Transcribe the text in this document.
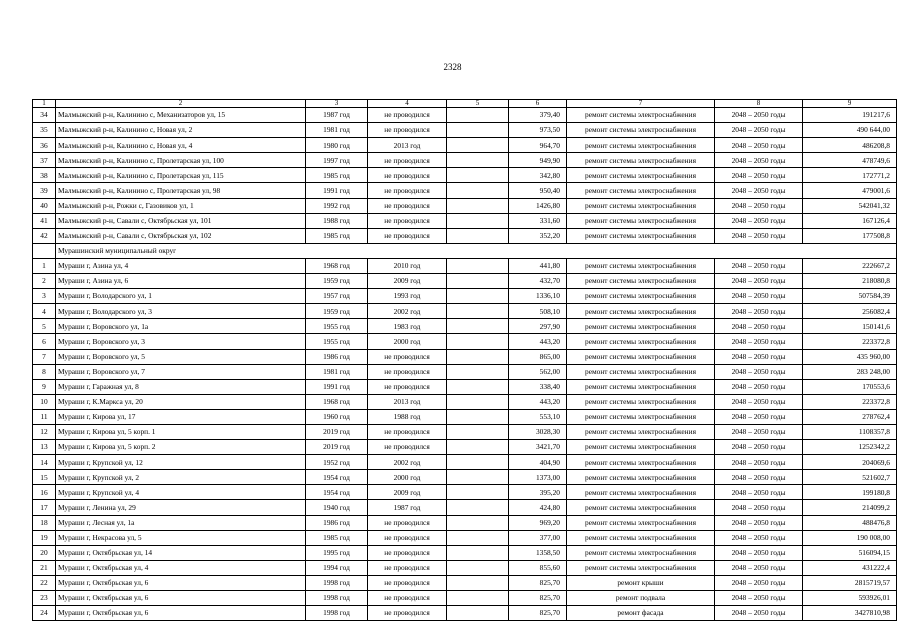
2328
1	2	3	4	5	6	7	8	9
34	Малмыжский р-н, Калинино с, Механизаторов ул, 15	1987 год	не проводился		379,40	ремонт системы электроснабжения	2048 – 2050 годы	191217,6
35	Малмыжский р-н, Калинино с, Новая ул, 2	1981 год	не проводился		973,50	ремонт системы электроснабжения	2048 – 2050 годы	490 644,00
36	Малмыжский р-н, Калинино с, Новая ул, 4	1980 год	2013 год		964,70	ремонт системы электроснабжения	2048 – 2050 годы	486208,8
37	Малмыжский р-н, Калинино с, Пролетарская ул, 100	1997 год	не проводился		949,90	ремонт системы электроснабжения	2048 – 2050 годы	478749,6
38	Малмыжский р-н, Калинино с, Пролетарская ул, 115	1985 год	не проводился		342,80	ремонт системы электроснабжения	2048 – 2050 годы	172771,2
39	Малмыжский р-н, Калинино с, Пролетарская ул, 98	1991 год	не проводился		950,40	ремонт системы электроснабжения	2048 – 2050 годы	479001,6
40	Малмыжский р-н, Рожки с, Газовиков ул, 1	1992 год	не проводился		1426,80	ремонт системы электроснабжения	2048 – 2050 годы	542041,32
41	Малмыжский р-н, Савали с, Октябрьская ул, 101	1988 год	не проводился		331,60	ремонт системы электроснабжения	2048 – 2050 годы	167126,4
42	Малмыжский р-н, Савали с, Октябрьская ул, 102	1985 год	не проводился		352,20	ремонт системы электроснабжения	2048 – 2050 годы	177508,8
	Мурашинский муниципальный округ							
1	Мураши г, Азина ул, 4	1968 год	2010 год		441,80	ремонт системы электроснабжения	2048 – 2050 годы	222667,2
2	Мураши г, Азина ул, 6	1959 год	2009 год		432,70	ремонт системы электроснабжения	2048 – 2050 годы	218080,8
3	Мураши г, Володарского ул, 1	1957 год	1993 год		1336,10	ремонт системы электроснабжения	2048 – 2050 годы	507584,39
4	Мураши г, Володарского ул, 3	1959 год	2002 год		508,10	ремонт системы электроснабжения	2048 – 2050 годы	256082,4
5	Мураши г, Воровского ул, 1а	1955 год	1983 год		297,90	ремонт системы электроснабжения	2048 – 2050 годы	150141,6
6	Мураши г, Воровского ул, 3	1955 год	2000 год		443,20	ремонт системы электроснабжения	2048 – 2050 годы	223372,8
7	Мураши г, Воровского ул, 5	1986 год	не проводился		865,00	ремонт системы электроснабжения	2048 – 2050 годы	435 960,00
8	Мураши г, Воровского ул, 7	1981 год	не проводился		562,00	ремонт системы электроснабжения	2048 – 2050 годы	283 248,00
9	Мураши г, Гаражная ул, 8	1991 год	не проводился		338,40	ремонт системы электроснабжения	2048 – 2050 годы	170553,6
10	Мураши г, К.Маркса ул, 20	1968 год	2013 год		443,20	ремонт системы электроснабжения	2048 – 2050 годы	223372,8
11	Мураши г, Кирова ул, 17	1960 год	1988 год		553,10	ремонт системы электроснабжения	2048 – 2050 годы	278762,4
12	Мураши г, Кирова ул, 5 корп. 1	2019 год	не проводился		3028,30	ремонт системы электроснабжения	2048 – 2050 годы	1108357,8
13	Мураши г, Кирова ул, 5 корп. 2	2019 год	не проводился		3421,70	ремонт системы электроснабжения	2048 – 2050 годы	1252342,2
14	Мураши г, Крупской ул, 12	1952 год	2002 год		404,90	ремонт системы электроснабжения	2048 – 2050 годы	204069,6
15	Мураши г, Крупской ул, 2	1954 год	2000 год		1373,00	ремонт системы электроснабжения	2048 – 2050 годы	521602,7
16	Мураши г, Крупской ул, 4	1954 год	2009 год		395,20	ремонт системы электроснабжения	2048 – 2050 годы	199180,8
17	Мураши г, Ленина ул, 29	1940 год	1987 год		424,80	ремонт системы электроснабжения	2048 – 2050 годы	214099,2
18	Мураши г, Лесная ул, 1а	1986 год	не проводился		969,20	ремонт системы электроснабжения	2048 – 2050 годы	488476,8
19	Мураши г, Некрасова ул, 5	1985 год	не проводился		377,00	ремонт системы электроснабжения	2048 – 2050 годы	190 008,00
20	Мураши г, Октябрьская ул, 14	1995 год	не проводился		1358,50	ремонт системы электроснабжения	2048 – 2050 годы	516094,15
21	Мураши г, Октябрьская ул, 4	1994 год	не проводился		855,60	ремонт системы электроснабжения	2048 – 2050 годы	431222,4
22	Мураши г, Октябрьская ул, 6	1998 год	не проводился		825,70	ремонт крыши	2048 – 2050 годы	2815719,57
23	Мураши г, Октябрьская ул, 6	1998 год	не проводился		825,70	ремонт подвала	2048 – 2050 годы	593926,01
24	Мураши г, Октябрьская ул, 6	1998 год	не проводился		825,70	ремонт фасада	2048 – 2050 годы	3427810,98
